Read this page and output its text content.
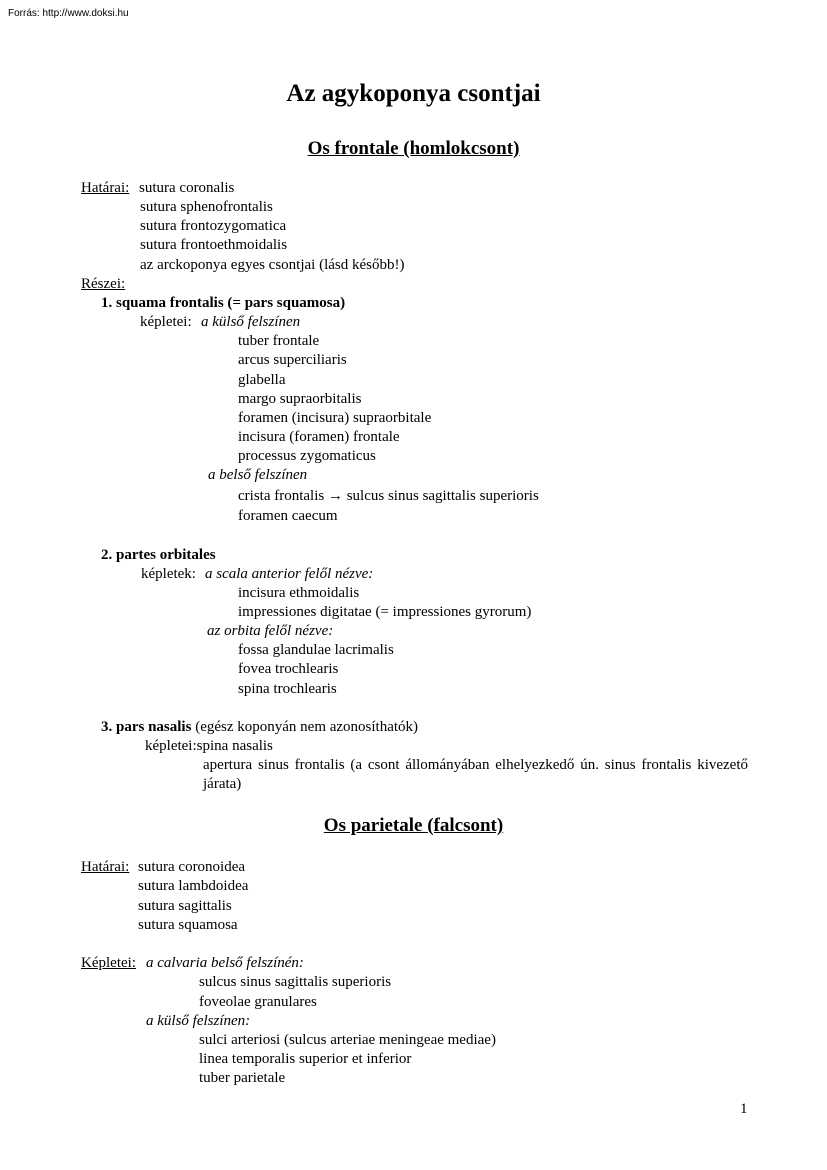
Forrás: http://www.doksi.hu
Az agykoponya csontjai
Os frontale (homlokcsont)
Határai: sutura coronalis
sutura sphenofrontalis
sutura frontozygomatica
sutura frontoethmoidalis
az arckoponya egyes csontjai (lásd később!)
Részei:
1. squama frontalis (= pars squamosa)
képletei: a külső felszínen
tuber frontale
arcus superciliaris
glabella
margo supraorbitalis
foramen (incisura) supraorbitale
incisura (foramen) frontale
processus zygomaticus
a belső felszínen
crista frontalis → sulcus sinus sagittalis superioris
foramen caecum
2. partes orbitales
képletek: a scala anterior felől nézve:
incisura ethmoidalis
impressiones digitatae (= impressiones gyrorum)
az orbita felől nézve:
fossa glandulae lacrimalis
fovea trochlearis
spina trochlearis
3. pars nasalis (egész koponyán nem azonosíthatók)
képletei:spina nasalis
apertura sinus frontalis (a csont állományában elhelyezkedő ún. sinus frontalis kivezető járata)
Os parietale (falcsont)
Határai: sutura coronoidea
sutura lambdoidea
sutura sagittalis
sutura squamosa
Képletei: a calvaria belső felszínén:
sulcus sinus sagittalis superioris
foveolae granulares
a külső felszínen:
sulci arteriosi (sulcus arteriae meningeae mediae)
linea temporalis superior et inferior
tuber parietale
1
